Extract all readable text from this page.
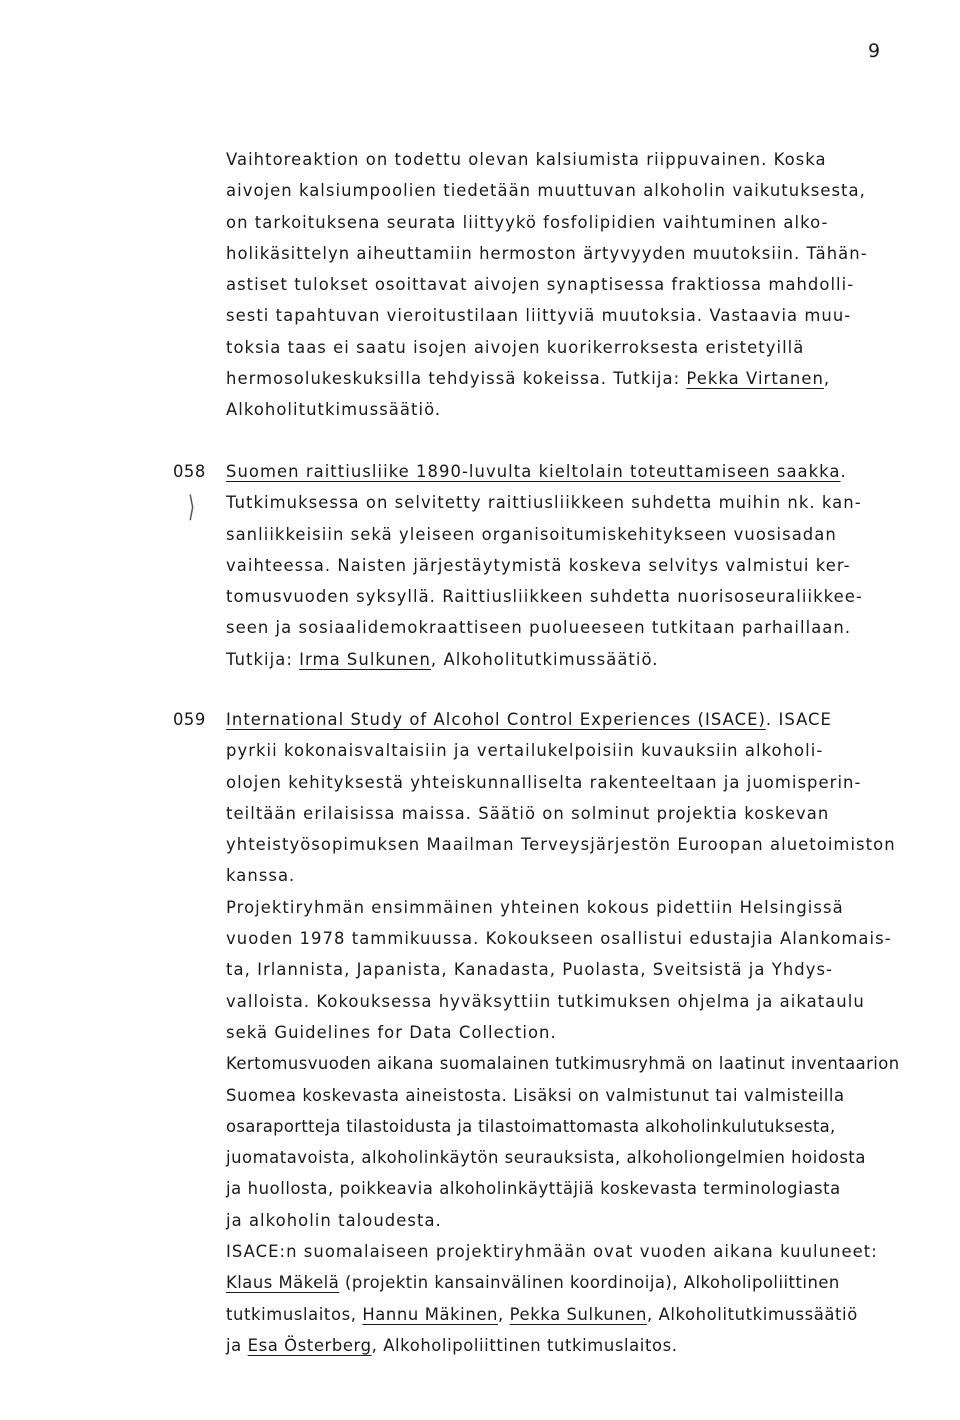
9
Vaihtoreaktion on todettu olevan kalsiumista riippuvainen. Koska
aivojen kalsiumpoolien tiedetään muuttuvan alkoholin vaikutuksesta,
on tarkoituksena seurata liittyykö fosfolipidien vaihtuminen alko-
holikäsittelyn aiheuttamiin hermoston ärtyvyyden muutoksiin. Tähän-
astiset tulokset osoittavat aivojen synaptisessa fraktiossa mahdolli-
sesti tapahtuvan vieroitustilaan liittyviä muutoksia. Vastaavia muu-
toksia taas ei saatu isojen aivojen kuorikerroksesta eristetyillä
hermosolukeskuksilla tehdyissä kokeissa. Tutkija: Pekka Virtanen,
Alkoholitutkimussäätiö.
058
⟩
Suomen raittiusliike 1890-luvulta kieltolain toteuttamiseen saakka.
Tutkimuksessa on selvitetty raittiusliikkeen suhdetta muihin nk. kan-
sanliikkeisiin sekä yleiseen organisoitumiskehitykseen vuosisadan
vaihteessa. Naisten järjestäytymistä koskeva selvitys valmistui ker-
tomusvuoden syksyllä. Raittiusliikkeen suhdetta nuorisoseuraliikkee-
seen ja sosiaalidemokraattiseen puolueeseen tutkitaan parhaillaan.
Tutkija: Irma Sulkunen, Alkoholitutkimussäätiö.
059 International Study of Alcohol Control Experiences (ISACE). ISACE
pyrkii kokonaisvaltaisiin ja vertailukelpoisiin kuvauksiin alkoholi-
olojen kehityksestä yhteiskunnalliselta rakenteeltaan ja juomisperin-
teiltään erilaisissa maissa. Säätiö on solminut projektia koskevan
yhteistyösopimuksen Maailman Terveysjärjestön Euroopan aluetoimiston
kanssa.
Projektiryhmän ensimmäinen yhteinen kokous pidettiin Helsingissä
vuoden 1978 tammikuussa. Kokoukseen osallistui edustajia Alankomais-
ta, Irlannista, Japanista, Kanadasta, Puolasta, Sveitsistä ja Yhdys-
valloista. Kokouksessa hyväksyttiin tutkimuksen ohjelma ja aikataulu
sekä Guidelines for Data Collection.
Kertomusvuoden aikana suomalainen tutkimusryhmä on laatinut inventaarion
Suomea koskevasta aineistosta. Lisäksi on valmistunut tai valmisteilla
osaraportteja tilastoidusta ja tilastoimattomasta alkoholinkulutuksesta,
juomatavoista, alkoholinkäytön seurauksista, alkoholiongelmien hoidosta
ja huollosta, poikkeavia alkoholinkäyttäjiä koskevasta terminologiasta
ja alkoholin taloudesta.
ISACE:n suomalaiseen projektiryhmään ovat vuoden aikana kuuluneet:
Klaus Mäkelä (projektin kansainvälinen koordinoija), Alkoholipoliittinen
tutkimuslaitos, Hannu Mäkinen, Pekka Sulkunen, Alkoholitutkimussäätiö
ja Esa Österberg, Alkoholipoliittinen tutkimuslaitos.
